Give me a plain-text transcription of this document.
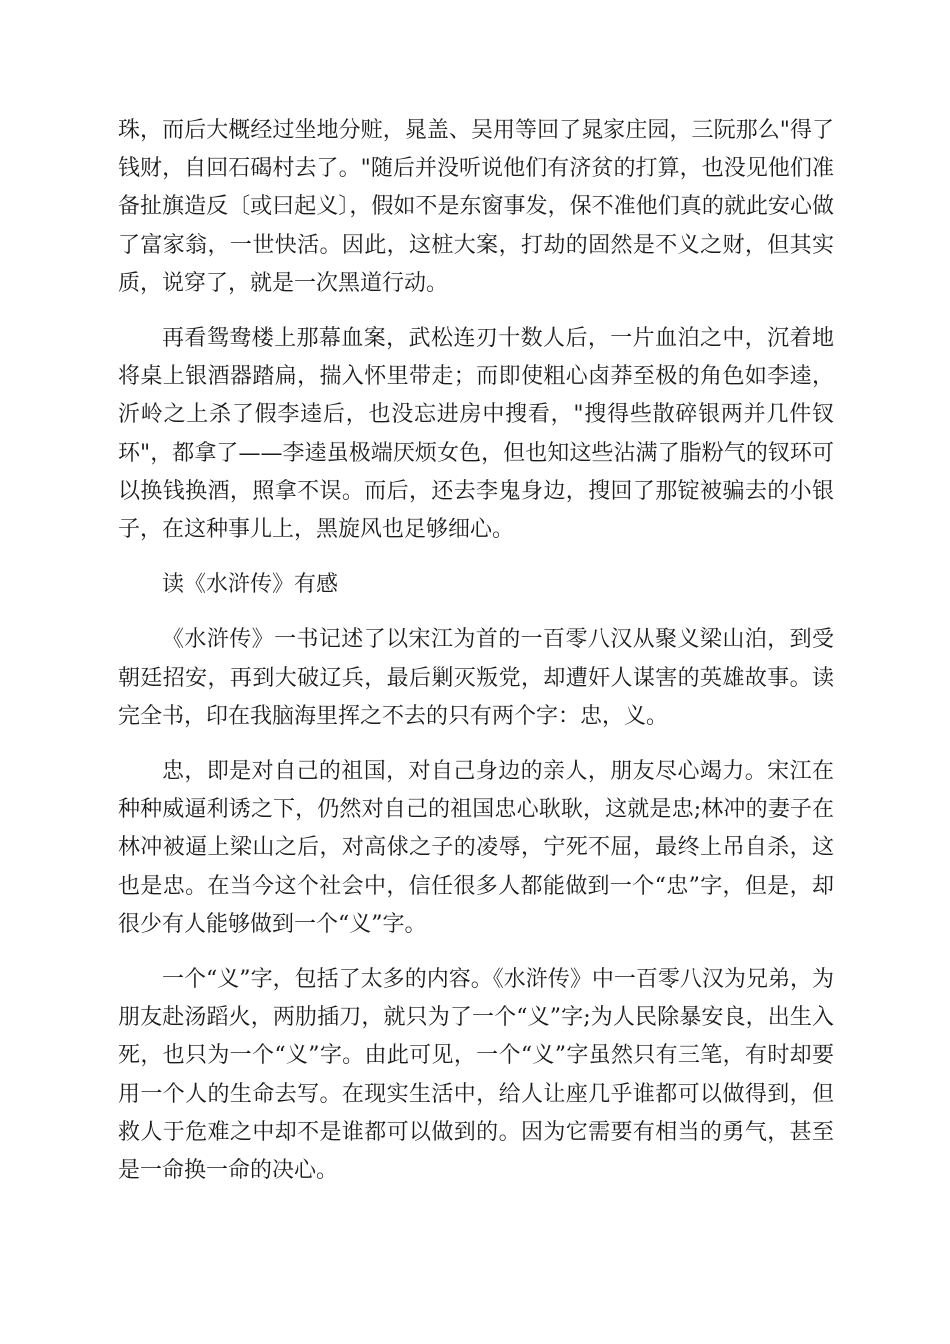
珠，而后大概经过坐地分赃，晁盖、吴用等回了晁家庄园，三阮那么"得了钱财，自回石碣村去了。"随后并没听说他们有济贫的打算，也没见他们准备扯旗造反〔或曰起义〕，假如不是东窗事发，保不准他们真的就此安心做了富家翁，一世快活。因此，这桩大案，打劫的固然是不义之财，但其实质，说穿了，就是一次黑道行动。

再看鸳鸯楼上那幕血案，武松连刃十数人后，一片血泊之中，沉着地将桌上银酒器踏扁，揣入怀里带走；而即使粗心卤莽至极的角色如李逵，沂岭之上杀了假李逵后，也没忘进房中搜看，"搜得些散碎银两并几件钗环"，都拿了——李逵虽极端厌烦女色，但也知这些沾满了脂粉气的钗环可以换钱换酒，照拿不误。而后，还去李鬼身边，搜回了那锭被骗去的小银子，在这种事儿上，黑旋风也足够细心。

读《水浒传》有感

《水浒传》一书记述了以宋江为首的一百零八汉从聚义梁山泊，到受朝廷招安，再到大破辽兵，最后剿灭叛党，却遭奸人谋害的英雄故事。读完全书，印在我脑海里挥之不去的只有两个字：忠，义。

忠，即是对自己的祖国，对自己身边的亲人，朋友尽心竭力。宋江在种种威逼利诱之下，仍然对自己的祖国忠心耿耿，这就是忠;林冲的妻子在林冲被逼上梁山之后，对高俅之子的凌辱，宁死不屈，最终上吊自杀，这也是忠。在当今这个社会中，信任很多人都能做到一个“忠”字，但是，却很少有人能够做到一个“义”字。

一个“义”字，包括了太多的内容。《水浒传》中一百零八汉为兄弟，为朋友赴汤蹈火，两肋插刀，就只为了一个“义”字;为人民除暴安良，出生入死，也只为一个“义”字。由此可见，一个“义”字虽然只有三笔，有时却要用一个人的生命去写。在现实生活中，给人让座几乎谁都可以做得到，但救人于危难之中却不是谁都可以做到的。因为它需要有相当的勇气，甚至是一命换一命的决心。
